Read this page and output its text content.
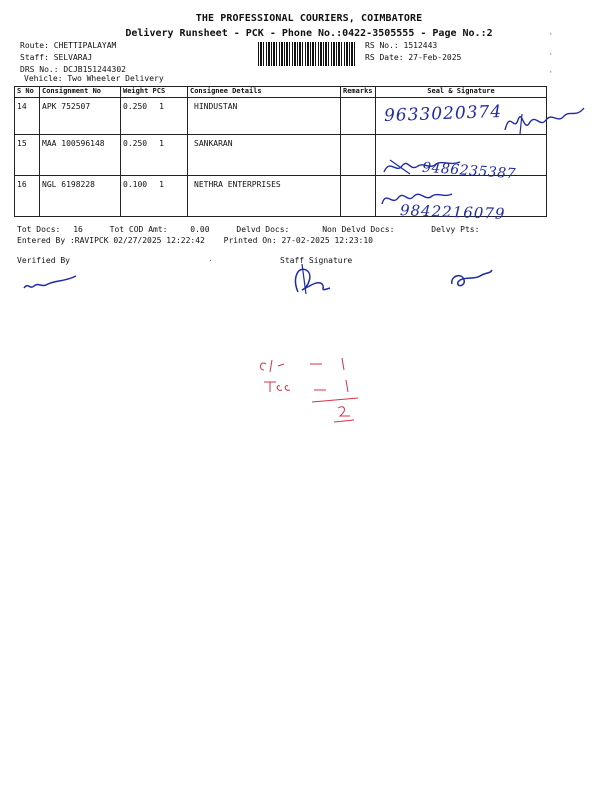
THE PROFESSIONAL COURIERS, COIMBATORE
Delivery Runsheet - PCK - Phone No.:0422-3505555 - Page No.:2
Route: CHETTIPALAYAM
Staff: SELVARAJ
DRS No.: DCJB151244302
Vehicle: Two Wheeler Delivery
RS No.: 1512443
RS Date: 27-Feb-2025
·
·
·
S No	Consignment No	Weight PCS	Consignee Details	Remarks	Seal & Signature
14	APK 752507	0.250 1	HINDUSTAN		
15	MAA 100596148	0.250 1	SANKARAN		
16	NGL 6198228	0.100 1	NETHRA ENTERPRISES		
9633020374
9486235387
9842216079
Tot Docs: 16	Tot COD Amt:	0.00	Delvd Docs:	Non Delvd Docs:	Delvy Pts:
Entered By :RAVIPCK 02/27/2025 12:22:42 Printed On: 27-02-2025 12:23:10
Verified By	Staff Signature
·
